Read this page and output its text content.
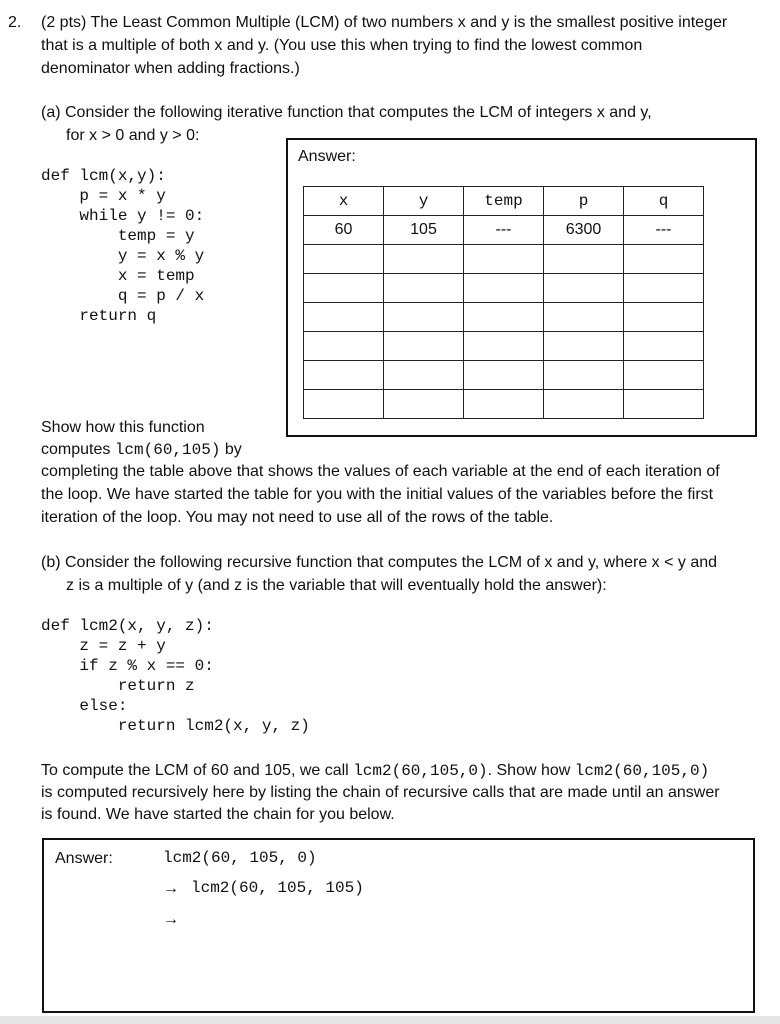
2. (2 pts) The Least Common Multiple (LCM) of two numbers x and y is the smallest positive integer
that is a multiple of both x and y. (You use this when trying to find the lowest common
denominator when adding fractions.)
(a) Consider the following iterative function that computes the LCM of integers x and y,
for x > 0 and y > 0:
def lcm(x,y):
p = x * y
while y != 0:
temp = y
y = x % y
x = temp
q = p / x
return q
Answer:
x	y	temp	p	q
60	105	---	6300	---

Show how this function
computes lcm(60,105) by
completing the table above that shows the values of each variable at the end of each iteration of
the loop. We have started the table for you with the initial values of the variables before the first
iteration of the loop. You may not need to use all of the rows of the table.
(b) Consider the following recursive function that computes the LCM of x and y, where x < y and
z is a multiple of y (and z is the variable that will eventually hold the answer):
def lcm2(x, y, z):
z = z + y
if z % x == 0:
return z
else:
return lcm2(x, y, z)
To compute the LCM of 60 and 105, we call lcm2(60,105,0). Show how lcm2(60,105,0)
is computed recursively here by listing the chain of recursive calls that are made until an answer
is found. We have started the chain for you below.
Answer:	lcm2(60, 105, 0)
→ lcm2(60, 105, 105)
→
